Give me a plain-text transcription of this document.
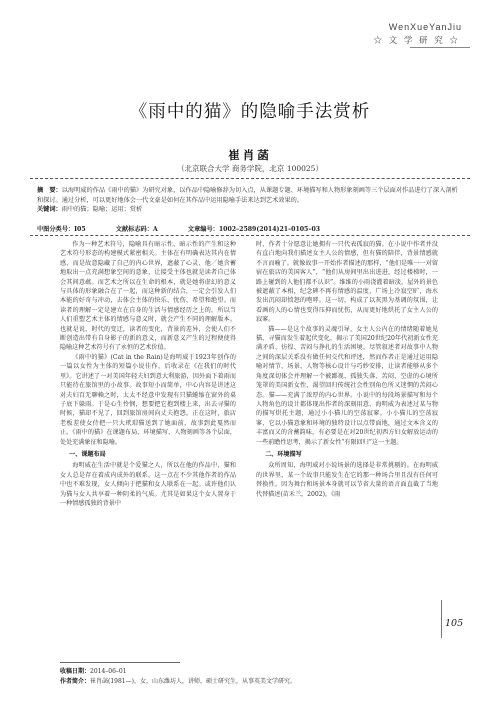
WenXueYanJiu
☆ 文 学 研 究 ☆
《雨中的猫》的隐喻手法赏析
崔肖菡
（北京联合大学 商务学院，北京 100025）
摘　要：以海明威的作品《雨中的猫》为研究对象，以作品中隐喻修辞为切入点，从课题专题、环境描写和人物形象刻画等三个层面对作品进行了深入剖析和探讨。通过分析，可以更好地体会一代文豪是如何在其作品中运用隐喻手法来达到艺术效果的。
关键词：雨中的猫；隐喻；运用；赏析
中图分类号：I05	文献标志码：A	文章编号：1002–2589(2014)21–0105–03

作为一种艺术符号，隐喻具有暗示性、暗示性的产生和这种艺术符号形态的构建模式紧密相关。主体在有明确表达其内在情感，而是故意隐藏了自己的内心世界，遮蔽了心灵、他／她含蓄地取出一点充满想象空间的意象，让接受主体也就是读者自己体会其间意蕴。而艺术之所以在生命的根本，就是她将虚幻的意义与具体的形象融合在了一起，而这种新的结合，一定会引发人们本能的好奇与冲动，去体会主体的快乐、忧伤、希望和绝望。而读者的理解一定是建立在自身的生活与情感经历之上的，所以当人们重塑艺术主体的情感与意义时，就会产生不同的理解版本。也就是说，时代的变迁，读者的变化，背景的差异，会使人们不断创造出带有自身影子的新的意义，而新意义产生的过程便使得隐喻这种艺术符号有了永恒的艺术价值。

《雨中的猫》(Cat in the Rain)是海明威于1923年创作的一篇以女性为主体的短篇小说佳作，后收录在《在我们的时代里》。它讲述了一对美国年轻夫妇到意大利旅游，因外面下着雨而只能待在旅馆里的小故事。故事短小而简单，中心内容是讲述这对夫妇百无聊赖之时，太太不经意中发现有只猫蜷缩在窗外的桌子底下躲雨。于是心生怜悯，想要把它抱到楼上来，出去寻猫的时候，猫却不见了，回到旅馆房间向丈夫抱怨。正在这时，旅店老板差使女侍把一只大玳瑁猫送到了她面前，故事到此戛然而止。《雨中的猫》在课题布局、环境描写、人物刻画等各个层面，处处充满象征和隐喻。

一、课题布局

海明威在生活中就是个爱猫之人，所以在他的作品中，猫和女人总是存在着成内成外的联系。这一点在不少其他作者的作品中也不难发现，女人倾向于把猫和女人联系在一起。或许他们认为猫与女人共享着一种阴柔的气质。尤其是如果这个女人置身于一种情感孤独的背景中

时，作者十分愿意让她拥有一只代表孤寂的猫。在小说中作者并没有直白地向我们描述女主人公的情感，但有猫的陪伴，背景情感就不言而喻了。就像故事一开始作者描述的那样，“他们是唯一一对留宿在旅店的美国客人”，“他们从房间里出出进进，经过楼梯时，一路上碰到的人他们都不认识”。维维的小雨浇灌着暗淡，屋外的景色被遮蔽了本相，纪念碑不再有情感的温度，广场上冷寂空旷，海水发出沉闷却愤怒的咆哮。这一切，构成了以灰黑为基调的氛围，让看画的人的心情也变得压抑而忧伤，从而更好地烘托了女主人公的寂寥。

猫——是这个故事的灵魂引导，女主人公内在的情绪随着她见猫、寻猫而发生着起伏变化，揭示了美国20世纪20年代初新女性充满矛盾、彷徨、苦闷与挣扎的生活困境。尽管叙述者对故事中人物之间的深层关系没有做任何交代和评述，然而作者正是通过运用隐喻对情节、场景、人物等核心设计与巧妙安排，让读者能够从多个角度深切体会并理解一个被鄙视、孤独失落、苦闷、空虚的心境所笼罩的美国新女性，渴望回归传统社会性别角色所又迷惘的苦闷心态。猫——充满了浓厚的内心世界。小说中的每段场景描写和每个人物角色的设计都体现出作者的深刻用意，海明威为表述过某与物的描写烘托主题，通过小小猫儿的空荡寂寥。小小猫儿的空荡寂寥，它以小猫意象和环境的独特设计以点带面地，通过文本含义的丰富而又的含蓄韵味，有必要是在对20世纪初西方妇女解放运动的一些前瞻性思考，揭示了新女性“有限回归”这一主题。

二、环境描写

众所周知，海明威对小说场景的选择是非常挑剔的。在海明威的世界里，某一个故事只能发生在它的那一种场合里且没有任何可替换性。因为舞台和场景本身就可以节省大量的语言面直截了当地代替描述(苗禾兰，2002)。《雨

105
收稿日期：2014–06–01
作者简介：崔肖菡(1981—)，女，山东潍坊人，讲师，硕士研究生，从事英美文学研究。
